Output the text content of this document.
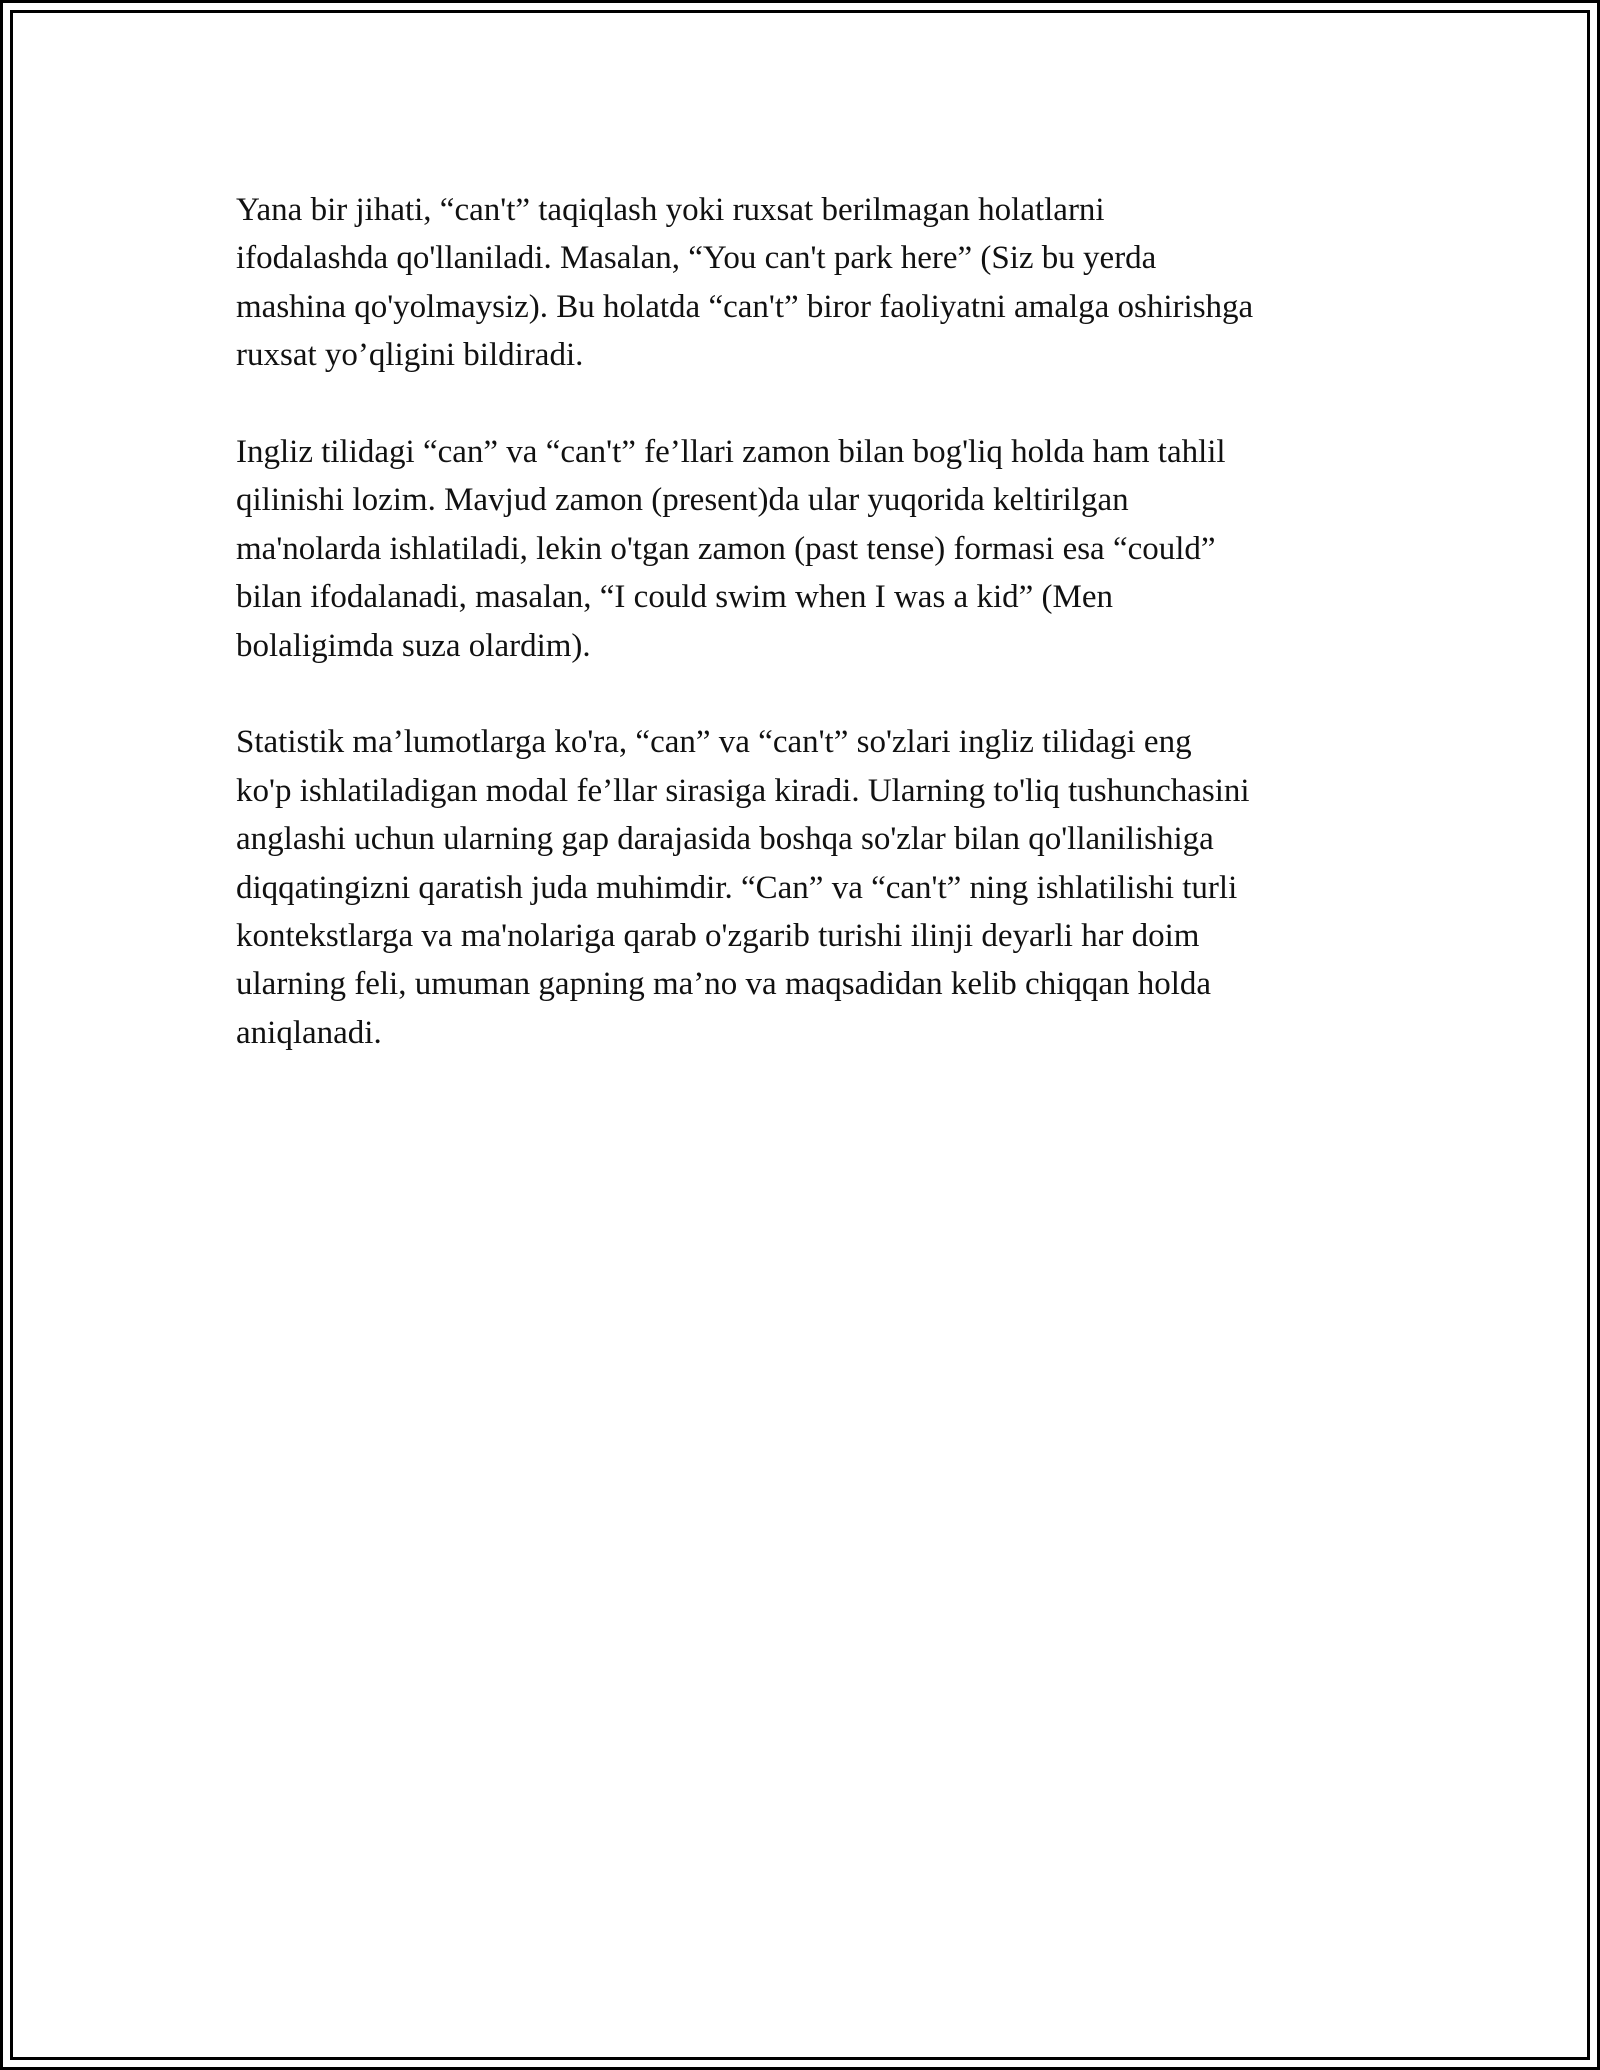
Yana bir jihati, “can't” taqiqlash yoki ruxsat berilmagan holatlarni
ifodalashda qo'llaniladi. Masalan, “You can't park here” (Siz bu yerda
mashina qo'yolmaysiz). Bu holatda “can't” biror faoliyatni amalga oshirishga
ruxsat yo’qligini bildiradi.

Ingliz tilidagi “can” va “can't” fe’llari zamon bilan bog'liq holda ham tahlil
qilinishi lozim. Mavjud zamon (present)da ular yuqorida keltirilgan
ma'nolarda ishlatiladi, lekin o'tgan zamon (past tense) formasi esa “could”
bilan ifodalanadi, masalan, “I could swim when I was a kid” (Men
bolaligimda suza olardim).

Statistik ma’lumotlarga ko'ra, “can” va “can't” so'zlari ingliz tilidagi eng
ko'p ishlatiladigan modal fe’llar sirasiga kiradi. Ularning to'liq tushunchasini
anglashi uchun ularning gap darajasida boshqa so'zlar bilan qo'llanilishiga
diqqatingizni qaratish juda muhimdir. “Can” va “can't” ning ishlatilishi turli
kontekstlarga va ma'nolariga qarab o'zgarib turishi ilinji deyarli har doim
ularning feli, umuman gapning ma’no va maqsadidan kelib chiqqan holda
aniqlanadi.
